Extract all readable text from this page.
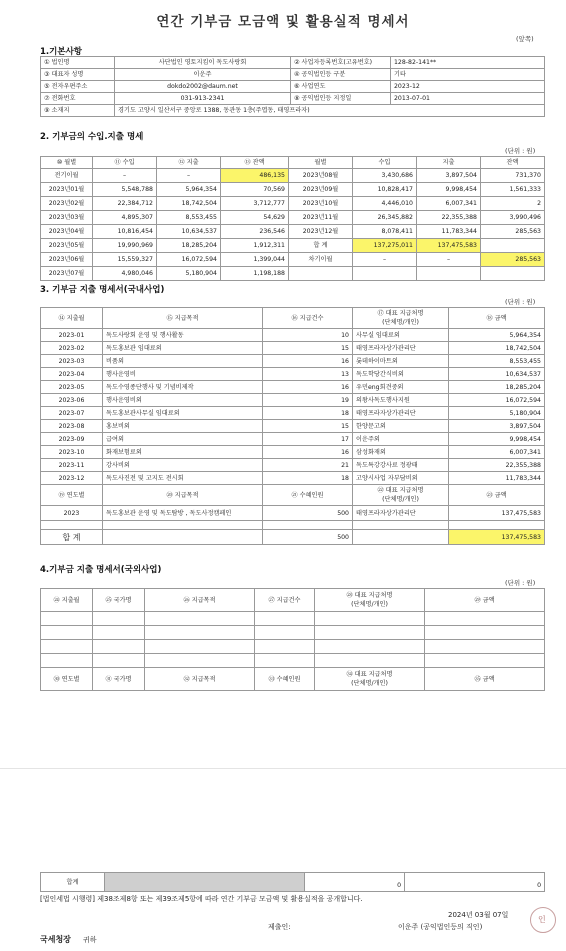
연간 기부금 모금액 및 활용실적 명세서
(앞쪽)
1.기본사항
① 법인명	사단법인 영토지킴이 독도사랑회	② 사업자등록번호(고유번호)	128-82-141**
③ 대표자 성명	이운주	④ 공익법인등 구분	기타
⑤ 전자우편주소	dokdo2002@daum.net	⑥ 사업연도	2023-12
⑦ 전화번호	031-913-2341	⑧ 공익법인등 지정일	2013-07-01
⑨ 소재지	경기도 고양시 일산서구 중앙로 1388, 동관동 1층(주엽동, 태영프라자)		
2. 기부금의 수입.지출 명세
(단위 : 원)
⑩ 월별	⑪ 수입	⑫ 지출	⑬ 잔액	월별	수입	지출	잔액
전기이월	–	–	486,135	2023년08월	3,430,686	3,897,504	731,370
2023년01월	5,548,788	5,964,354	70,569	2023년09월	10,828,417	9,998,454	1,561,333
2023년02월	22,384,712	18,742,504	3,712,777	2023년10월	4,446,010	6,007,341	2
2023년03월	4,895,307	8,553,455	54,629	2023년11월	26,345,882	22,355,388	3,990,496
2023년04월	10,816,454	10,634,537	236,546	2023년12월	8,078,411	11,783,344	285,563
2023년05월	19,990,969	18,285,204	1,912,311	합 계	137,275,011	137,475,583	
2023년06월	15,559,327	16,072,594	1,399,044	차기이월	–	–	285,563
2023년07월	4,980,046	5,180,904	1,198,188				
3. 기부금 지출 명세서(국내사업)
(단위 : 원)
⑭ 지출월	⑮ 지급목적	⑯ 지급건수	⑰ 대표 지급처명
(단체명/개인)	⑱ 금액
2023-01	독도사랑회 운영 및 행사활동	10	사무실 임대료외	5,964,354
2023-02	독도홍보관 임대료외	15	태영프라자상가관리단	18,742,504
2023-03	비품외	16	롯데하이마트외	8,553,455
2023-04	행사운영비	13	독도학당간식비외	10,634,537
2023-05	독도수영종단행사 및 기념비제작	16	우민eng회견중외	18,285,204
2023-06	행사운영비외	19	의왕사독도행사지원	16,072,594
2023-07	독도홍보관사무실 임대료외	18	태영프라자상가관리단	5,180,904
2023-08	홍보비외	15	한양문고외	3,897,504
2023-09	급여외	17	이운주외	9,998,454
2023-10	화재보험료외	16	삼성화재외	6,007,341
2023-11	강사비외	21	독도특강강사료 정광태	22,355,388
2023-12	독도사진전 및 고지도 전시회	18	고양시사업 자부담비외	11,783,344
⑲ 연도별	⑳ 지급목적	㉑ 수혜인원	㉒ 대표 지급처명
(단체명/개인)	㉓ 금액
2023	독도홍보관 운영 및 독도탐방 , 독도사정캠페인	500	태영프라자상가관리단	137,475,583

합 계		500		137,475,583
4.기부금 지출 명세서(국외사업)
(단위 : 원)
㉔ 지출월	㉕ 국가명	㉖ 지급목적	㉗ 지급건수	㉘ 대표 지급처명
(단체명/개인)	㉙ 금액

㉚ 연도별	㉛ 국가명	㉜ 지급목적	㉝ 수혜인원	㉞ 대표 지급처명
(단체명/개인)	㉟ 금액
합계		0	0
[법인세법 시행령] 제38조제8항 또는 제39조제5항에 따라 연간 기부금 모금액 및 활용실적을 공개합니다.
2024년 03월 07일
제출인:	이운주 (공익법인등의 직인)
인
국세청장 귀하
